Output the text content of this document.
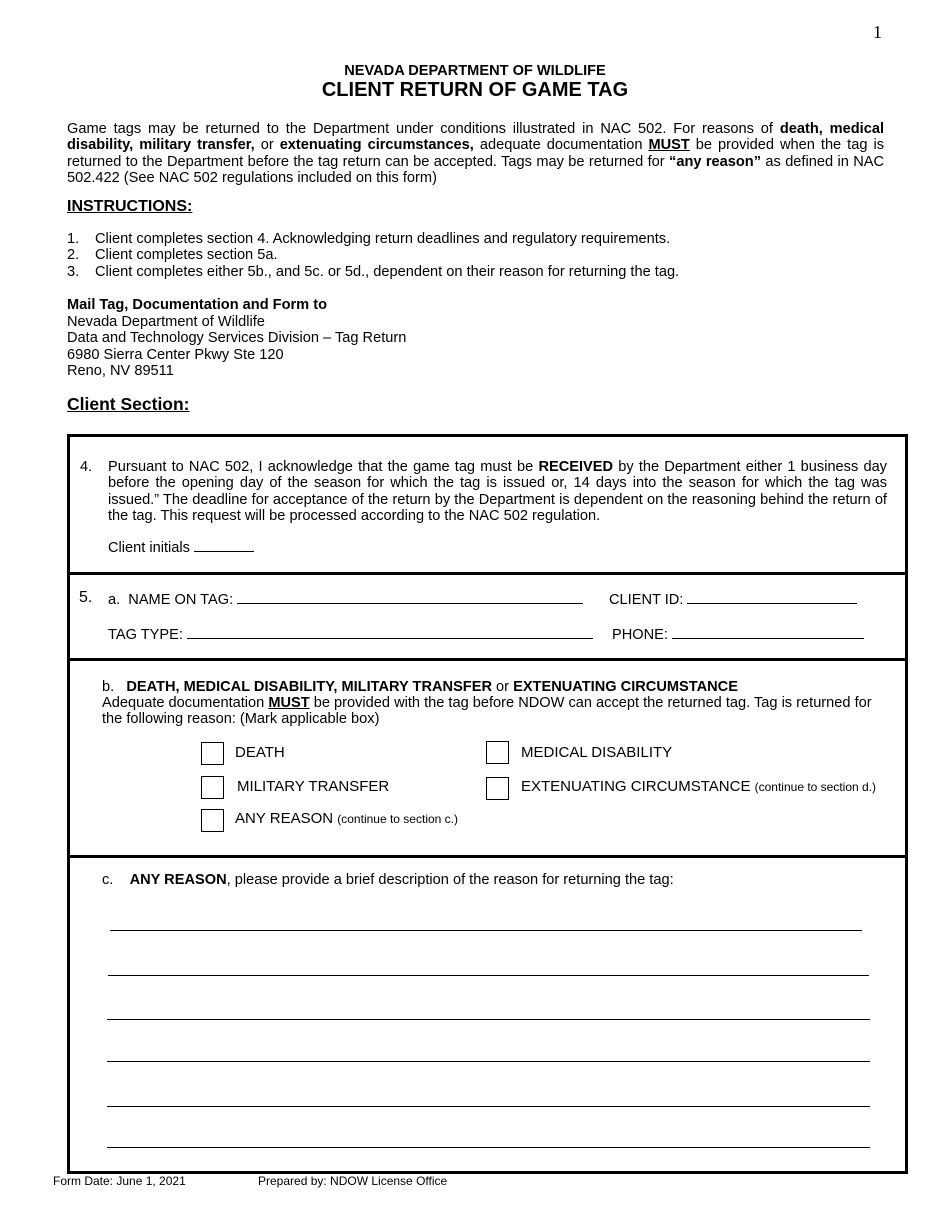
1
NEVADA DEPARTMENT OF WILDLIFE
CLIENT RETURN OF GAME TAG
Game tags may be returned to the Department under conditions illustrated in NAC 502. For reasons of death, medical disability, military transfer, or extenuating circumstances, adequate documentation MUST be provided when the tag is returned to the Department before the tag return can be accepted. Tags may be returned for “any reason” as defined in NAC 502.422 (See NAC 502 regulations included on this form)
INSTRUCTIONS:
1.	Client completes section 4. Acknowledging return deadlines and regulatory requirements.
2.	Client completes section 5a.
3.	Client completes either 5b., and 5c. or 5d., dependent on their reason for returning the tag.
Mail Tag, Documentation and Form to
Nevada Department of Wildlife
Data and Technology Services Division – Tag Return
6980 Sierra Center Pkwy Ste 120
Reno, NV 89511
Client Section:
4. Pursuant to NAC 502, I acknowledge that the game tag must be RECEIVED by the Department either 1 business day before the opening day of the season for which the tag is issued or, 14 days into the season for which the tag was issued.” The deadline for acceptance of the return by the Department is dependent on the reasoning behind the return of the tag. This request will be processed according to the NAC 502 regulation.
Client initials
5. a. NAME ON TAG:	CLIENT ID:
TAG TYPE:	PHONE:
b. DEATH, MEDICAL DISABILITY, MILITARY TRANSFER or EXTENUATING CIRCUMSTANCE
Adequate documentation MUST be provided with the tag before NDOW can accept the returned tag. Tag is returned for the following reason: (Mark applicable box)
DEATH	MEDICAL DISABILITY
MILITARY TRANSFER	EXTENUATING CIRCUMSTANCE (continue to section d.)
ANY REASON (continue to section c.)
c. ANY REASON, please provide a brief description of the reason for returning the tag:
Form Date: June 1, 2021	Prepared by: NDOW License Office
